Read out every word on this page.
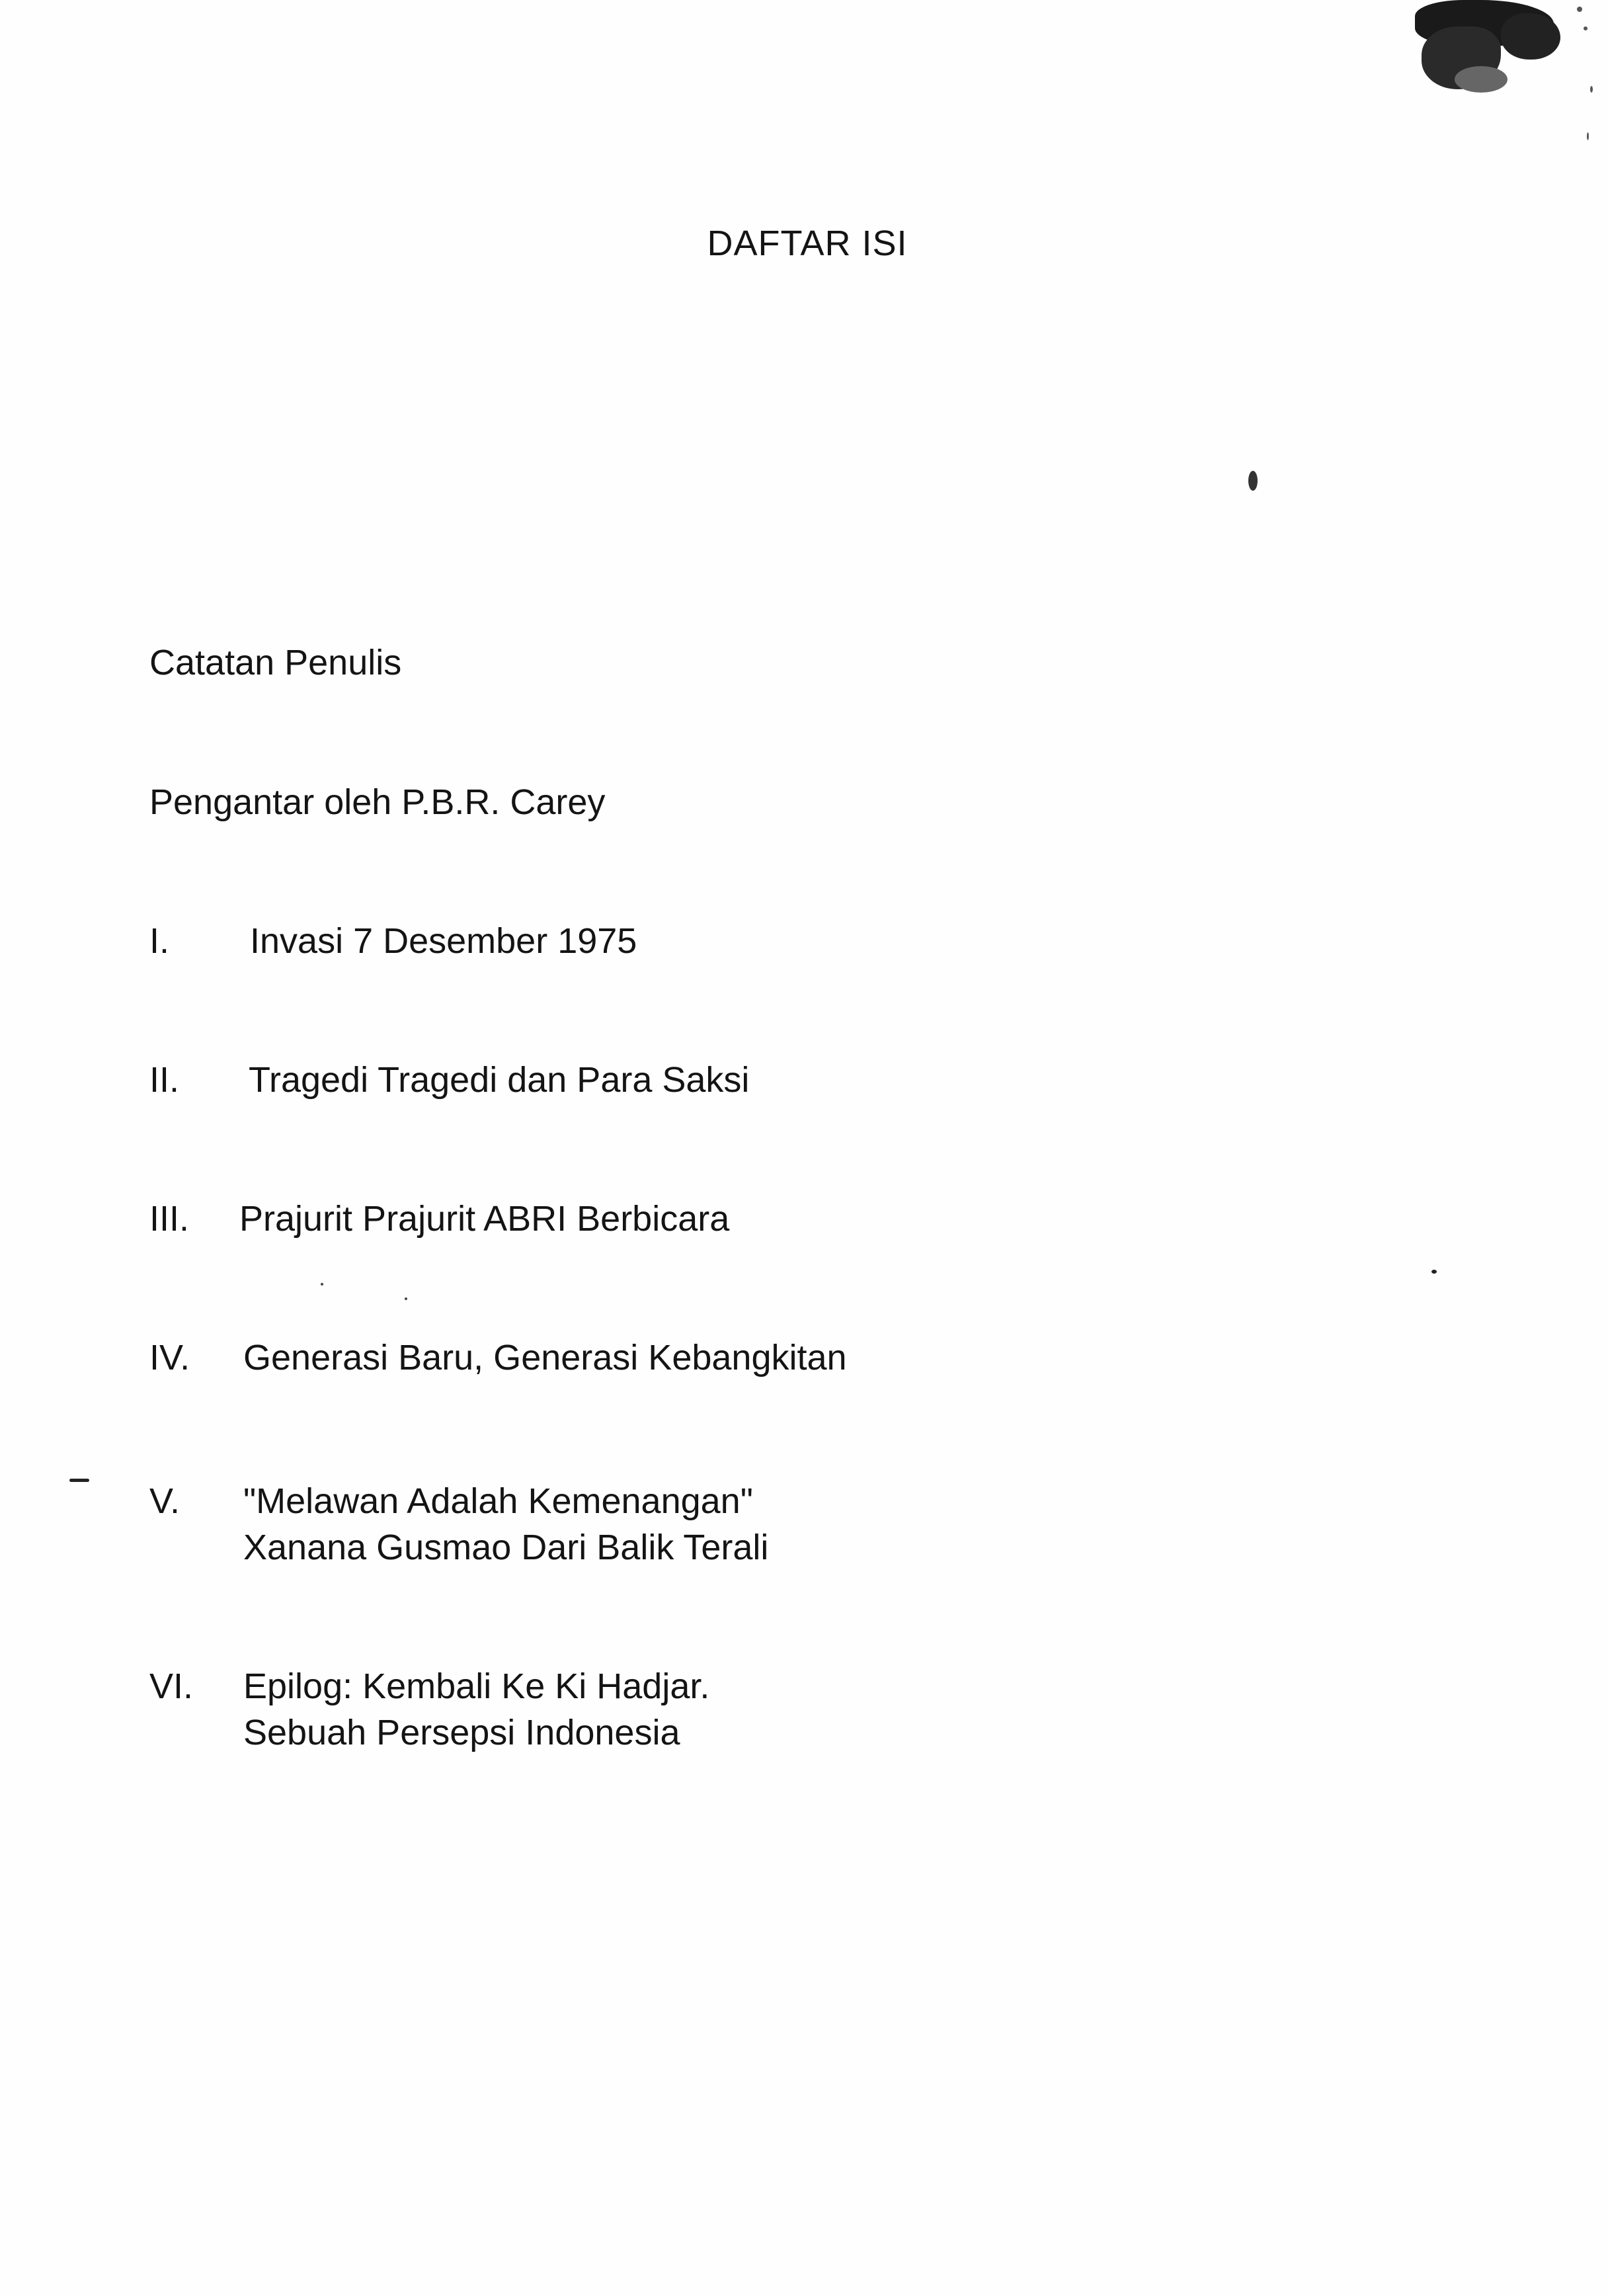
DAFTAR ISI
Catatan Penulis
Pengantar oleh P.B.R. Carey
I. Invasi 7 Desember 1975
II. Tragedi Tragedi dan Para Saksi
III. Prajurit Prajurit ABRI Berbicara
IV. Generasi Baru, Generasi Kebangkitan
V. "Melawan Adalah Kemenangan"
Xanana Gusmao Dari Balik Terali
VI. Epilog: Kembali Ke Ki Hadjar.
Sebuah Persepsi Indonesia
